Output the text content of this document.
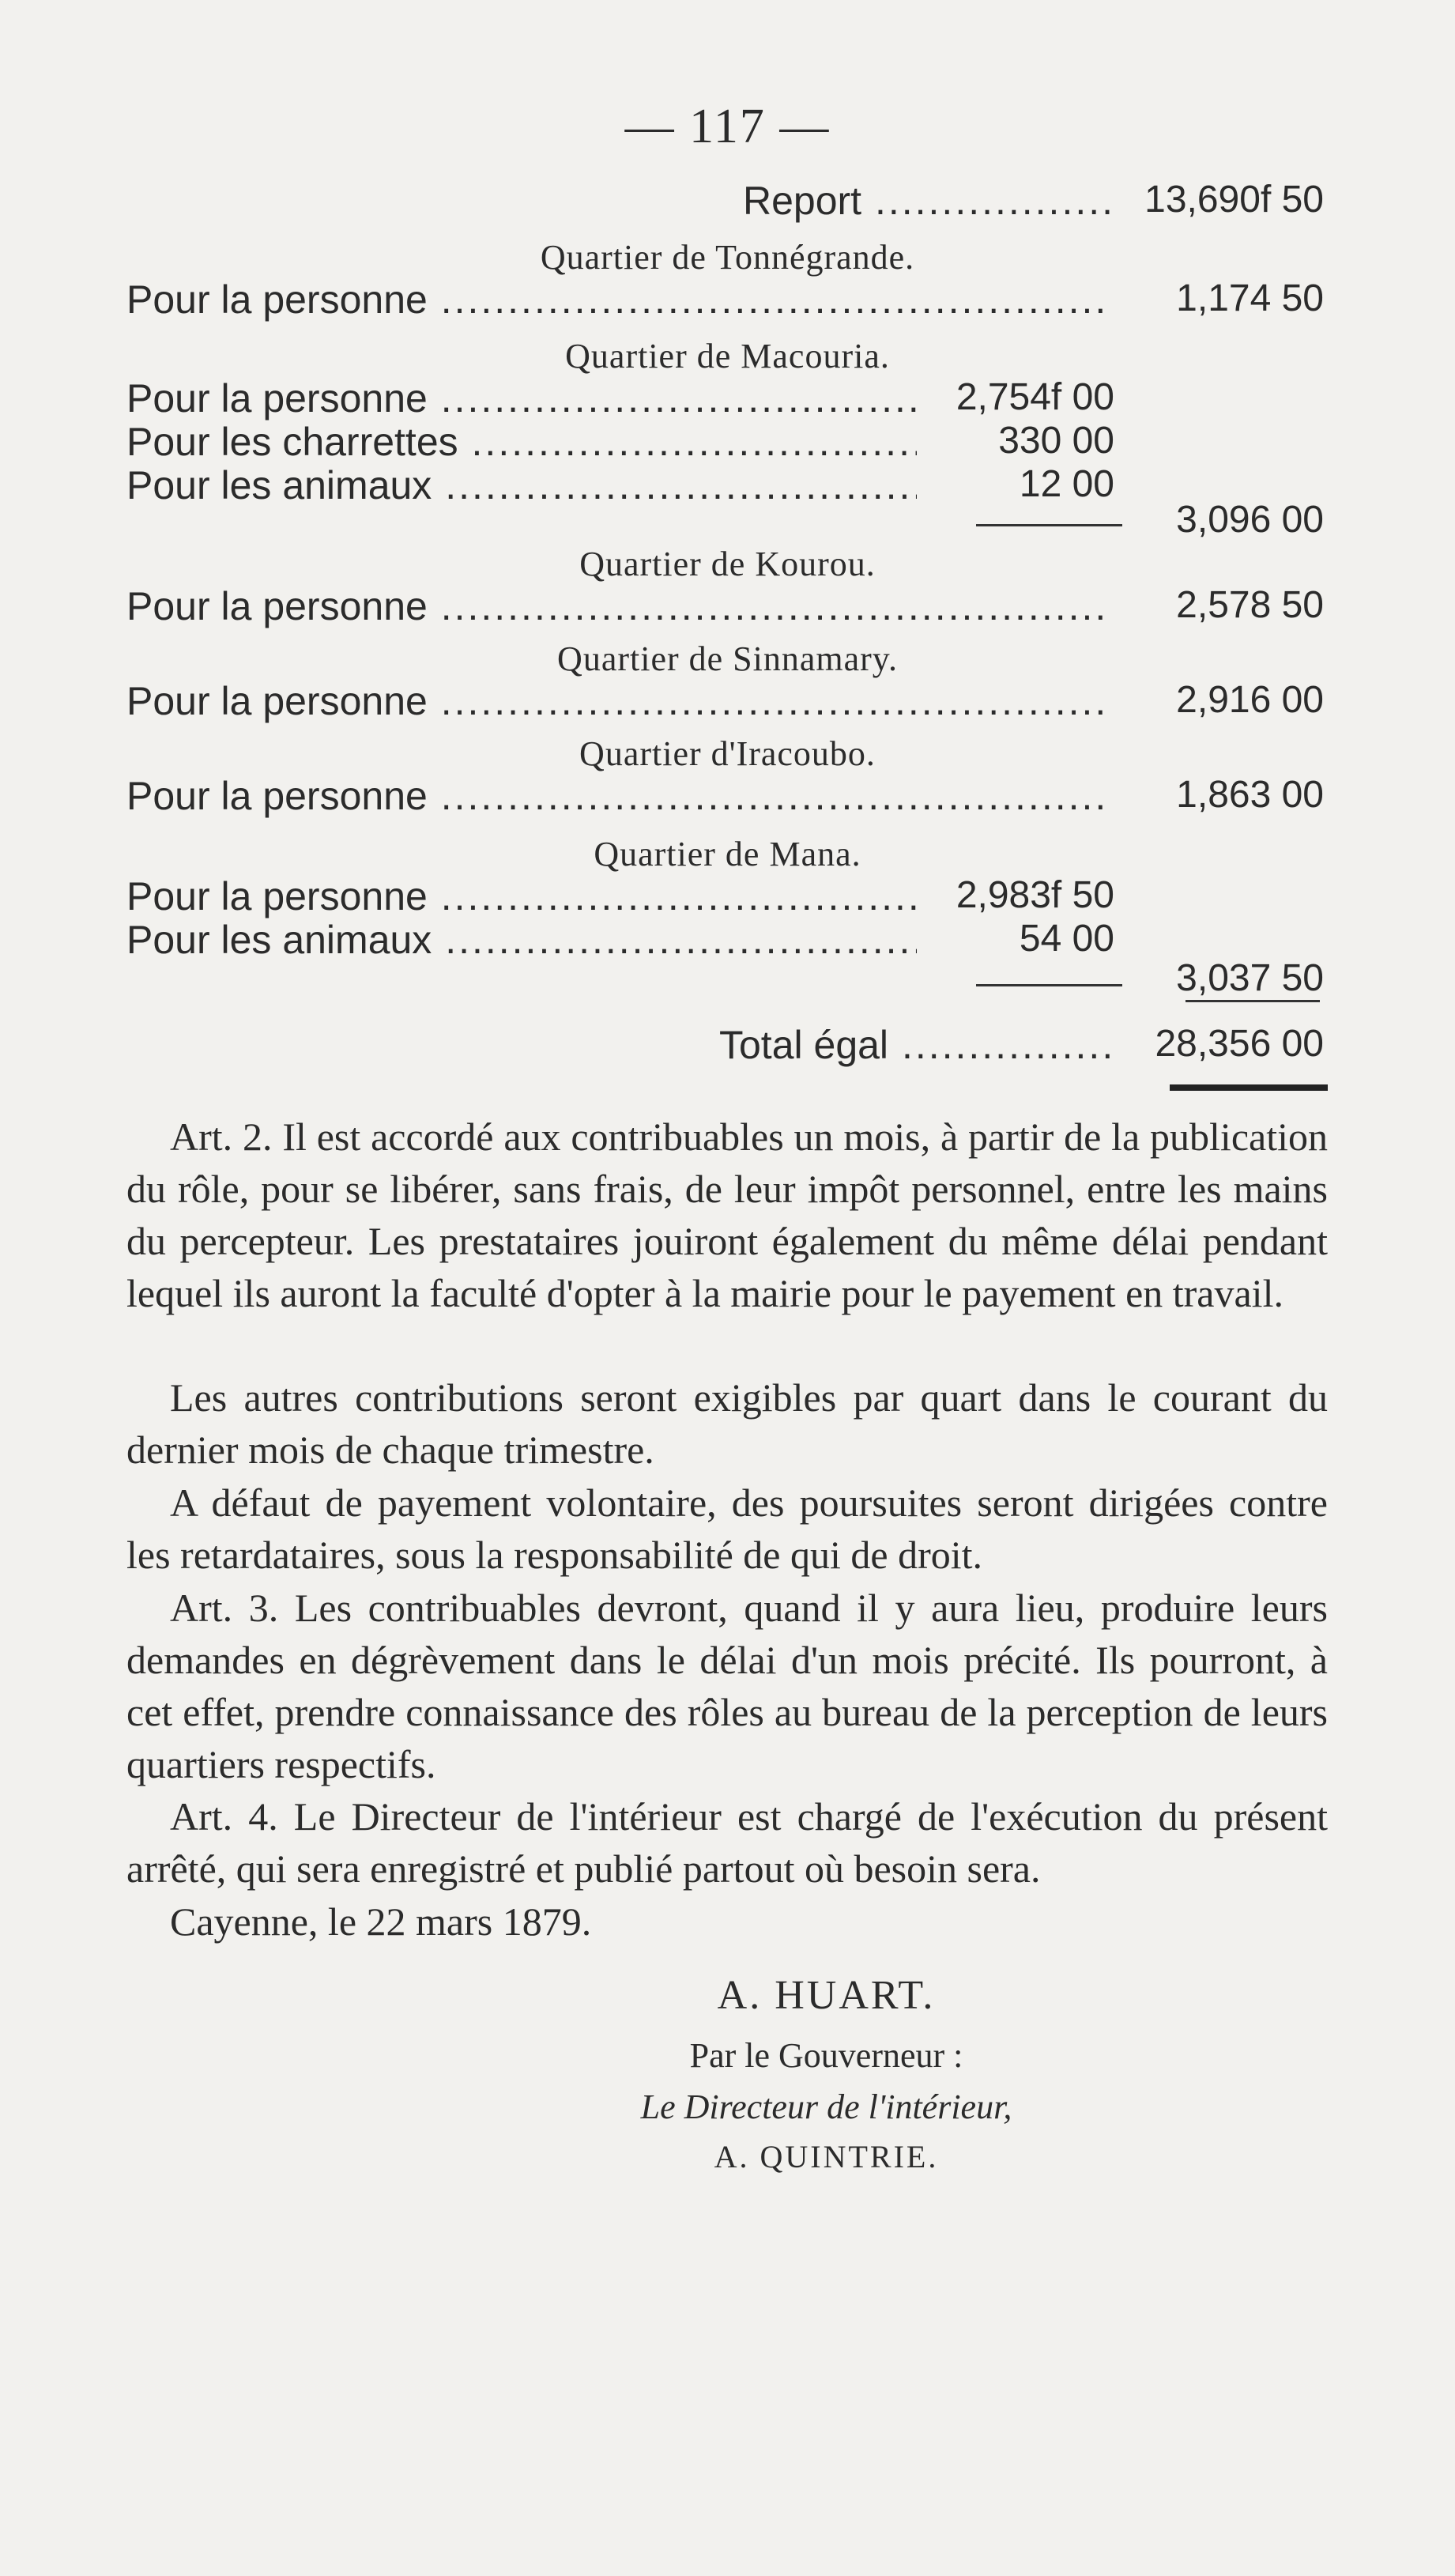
— 117 —
Report .....	13,690f 50
Quartier de Tonnégrande.
Pour la personne .....	1,174 50
Quartier de Macouria.
Pour la personne .....	2,754f 00
Pour les charrettes .....	330 00
Pour les animaux .....	12 00
3,096 00
Quartier de Kourou.
Pour la personne .....	2,578 50
Quartier de Sinnamary.
Pour la personne .....	2,916 00
Quartier d'Iracoubo.
Pour la personne .....	1,863 00
Quartier de Mana.
Pour la personne .....	2,983f 50
Pour les animaux .....	54 00
3,037 50
Total égal .....	28,356 00

Art. 2. Il est accordé aux contribuables un mois, à partir de la publication du rôle, pour se libérer, sans frais, de leur impôt personnel, entre les mains du percepteur. Les prestataires jouiront également du même délai pendant lequel ils auront la faculté d'opter à la mairie pour le payement en travail.

Les autres contributions seront exigibles par quart dans le courant du dernier mois de chaque trimestre.

A défaut de payement volontaire, des poursuites seront dirigées contre les retardataires, sous la responsabilité de qui de droit.

Art. 3. Les contribuables devront, quand il y aura lieu, produire leurs demandes en dégrèvement dans le délai d'un mois précité. Ils pourront, à cet effet, prendre connaissance des rôles au bureau de la perception de leurs quartiers respectifs.

Art. 4. Le Directeur de l'intérieur est chargé de l'exécution du présent arrêté, qui sera enregistré et publié partout où besoin sera.

Cayenne, le 22 mars 1879.

A. HUART.
Par le Gouverneur :
Le Directeur de l'intérieur,
A. QUINTRIE.
